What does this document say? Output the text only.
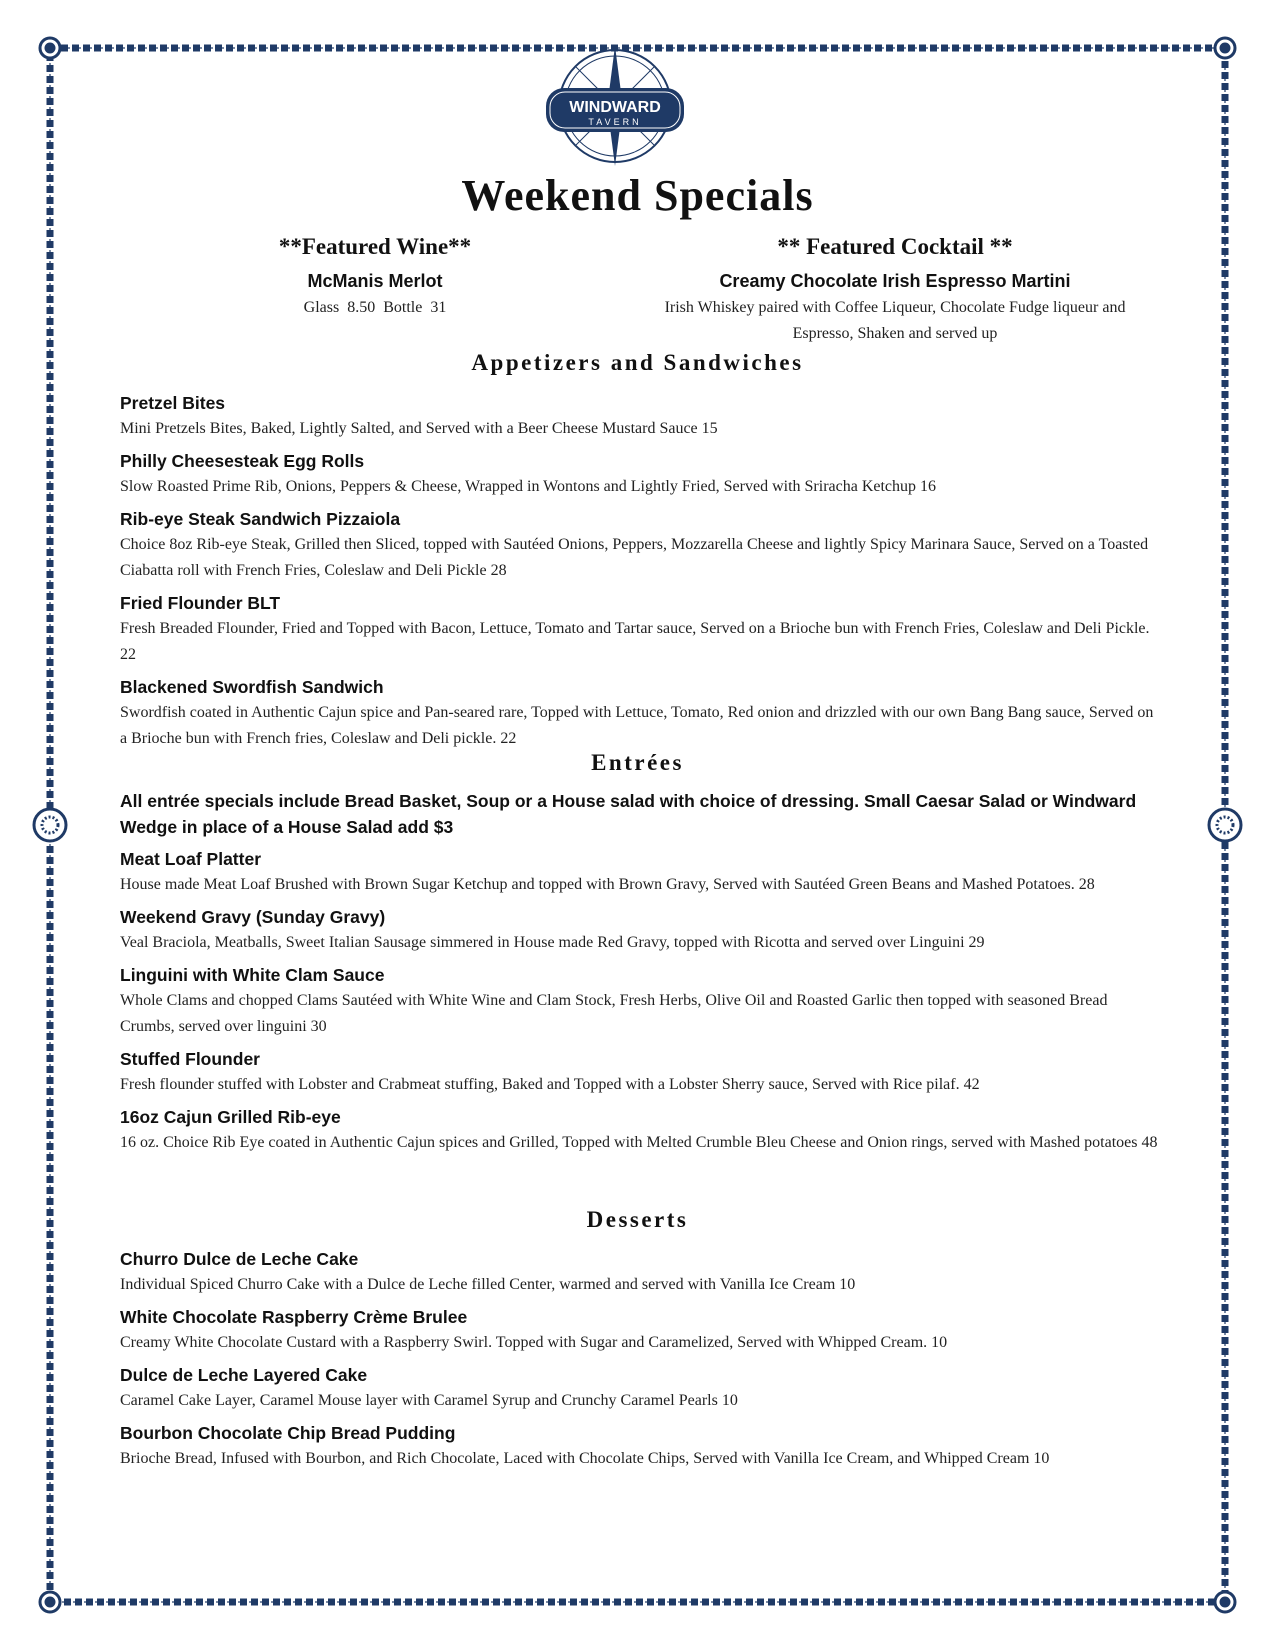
WINDWARD
TAVERN
Weekend Specials
**Featured Wine**
McManis Merlot
Glass 8.50 Bottle 31
** Featured Cocktail **
Creamy Chocolate Irish Espresso Martini
Irish Whiskey paired with Coffee Liqueur, Chocolate Fudge liqueur and Espresso, Shaken and served up
Appetizers and Sandwiches
Pretzel Bites
Mini Pretzels Bites, Baked, Lightly Salted, and Served with a Beer Cheese Mustard Sauce 15
Philly Cheesesteak Egg Rolls
Slow Roasted Prime Rib, Onions, Peppers & Cheese, Wrapped in Wontons and Lightly Fried, Served with Sriracha Ketchup 16
Rib-eye Steak Sandwich Pizzaiola
Choice 8oz Rib-eye Steak, Grilled then Sliced, topped with Sautéed Onions, Peppers, Mozzarella Cheese and lightly Spicy Marinara Sauce, Served on a Toasted Ciabatta roll with French Fries, Coleslaw and Deli Pickle 28
Fried Flounder BLT
Fresh Breaded Flounder, Fried and Topped with Bacon, Lettuce, Tomato and Tartar sauce, Served on a Brioche bun with French Fries, Coleslaw and Deli Pickle. 22
Blackened Swordfish Sandwich
Swordfish coated in Authentic Cajun spice and Pan-seared rare, Topped with Lettuce, Tomato, Red onion and drizzled with our own Bang Bang sauce, Served on a Brioche bun with French fries, Coleslaw and Deli pickle. 22
Entrées
All entrée specials include Bread Basket, Soup or a House salad with choice of dressing. Small Caesar Salad or Windward Wedge in place of a House Salad add $3
Meat Loaf Platter
House made Meat Loaf Brushed with Brown Sugar Ketchup and topped with Brown Gravy, Served with Sautéed Green Beans and Mashed Potatoes. 28
Weekend Gravy (Sunday Gravy)
Veal Braciola, Meatballs, Sweet Italian Sausage simmered in House made Red Gravy, topped with Ricotta and served over Linguini 29
Linguini with White Clam Sauce
Whole Clams and chopped Clams Sautéed with White Wine and Clam Stock, Fresh Herbs, Olive Oil and Roasted Garlic then topped with seasoned Bread Crumbs, served over linguini 30
Stuffed Flounder
Fresh flounder stuffed with Lobster and Crabmeat stuffing, Baked and Topped with a Lobster Sherry sauce, Served with Rice pilaf. 42
16oz Cajun Grilled Rib-eye
16 oz. Choice Rib Eye coated in Authentic Cajun spices and Grilled, Topped with Melted Crumble Bleu Cheese and Onion rings, served with Mashed potatoes 48
Desserts
Churro Dulce de Leche Cake
Individual Spiced Churro Cake with a Dulce de Leche filled Center, warmed and served with Vanilla Ice Cream 10
White Chocolate Raspberry Crème Brulee
Creamy White Chocolate Custard with a Raspberry Swirl. Topped with Sugar and Caramelized, Served with Whipped Cream. 10
Dulce de Leche Layered Cake
Caramel Cake Layer, Caramel Mouse layer with Caramel Syrup and Crunchy Caramel Pearls 10
Bourbon Chocolate Chip Bread Pudding
Brioche Bread, Infused with Bourbon, and Rich Chocolate, Laced with Chocolate Chips, Served with Vanilla Ice Cream, and Whipped Cream 10
